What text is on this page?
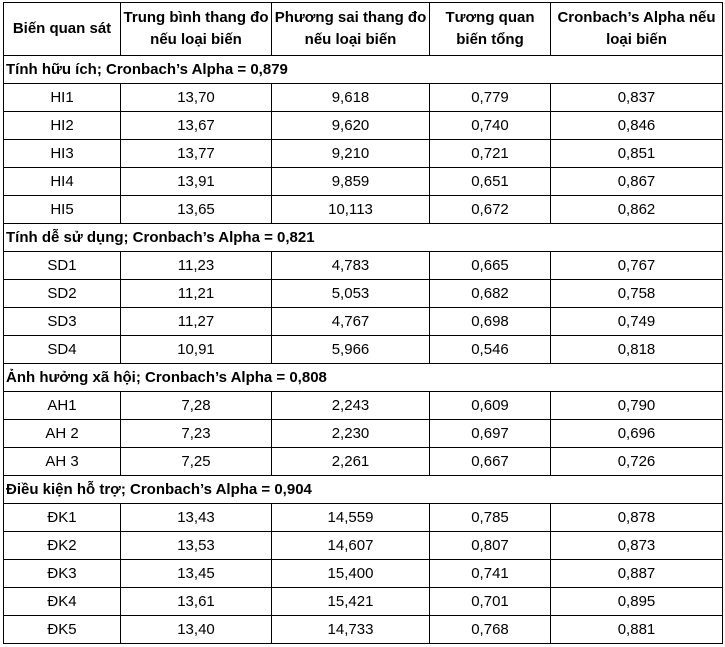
Biến quan sát	Trung bình thang đo nếu loại biến	Phương sai thang đo nếu loại biến	Tương quan biến tổng	Cronbach’s Alpha nếu loại biến
Tính hữu ích; Cronbach’s Alpha = 0,879				
HI1	13,70	9,618	0,779	0,837
HI2	13,67	9,620	0,740	0,846
HI3	13,77	9,210	0,721	0,851
HI4	13,91	9,859	0,651	0,867
HI5	13,65	10,113	0,672	0,862
Tính dễ sử dụng; Cronbach’s Alpha = 0,821				
SD1	11,23	4,783	0,665	0,767
SD2	11,21	5,053	0,682	0,758
SD3	11,27	4,767	0,698	0,749
SD4	10,91	5,966	0,546	0,818
Ảnh hưởng xã hội; Cronbach’s Alpha = 0,808				
AH1	7,28	2,243	0,609	0,790
AH 2	7,23	2,230	0,697	0,696
AH 3	7,25	2,261	0,667	0,726
Điều kiện hỗ trợ; Cronbach’s Alpha = 0,904				
ĐK1	13,43	14,559	0,785	0,878
ĐK2	13,53	14,607	0,807	0,873
ĐK3	13,45	15,400	0,741	0,887
ĐK4	13,61	15,421	0,701	0,895
ĐK5	13,40	14,733	0,768	0,881
